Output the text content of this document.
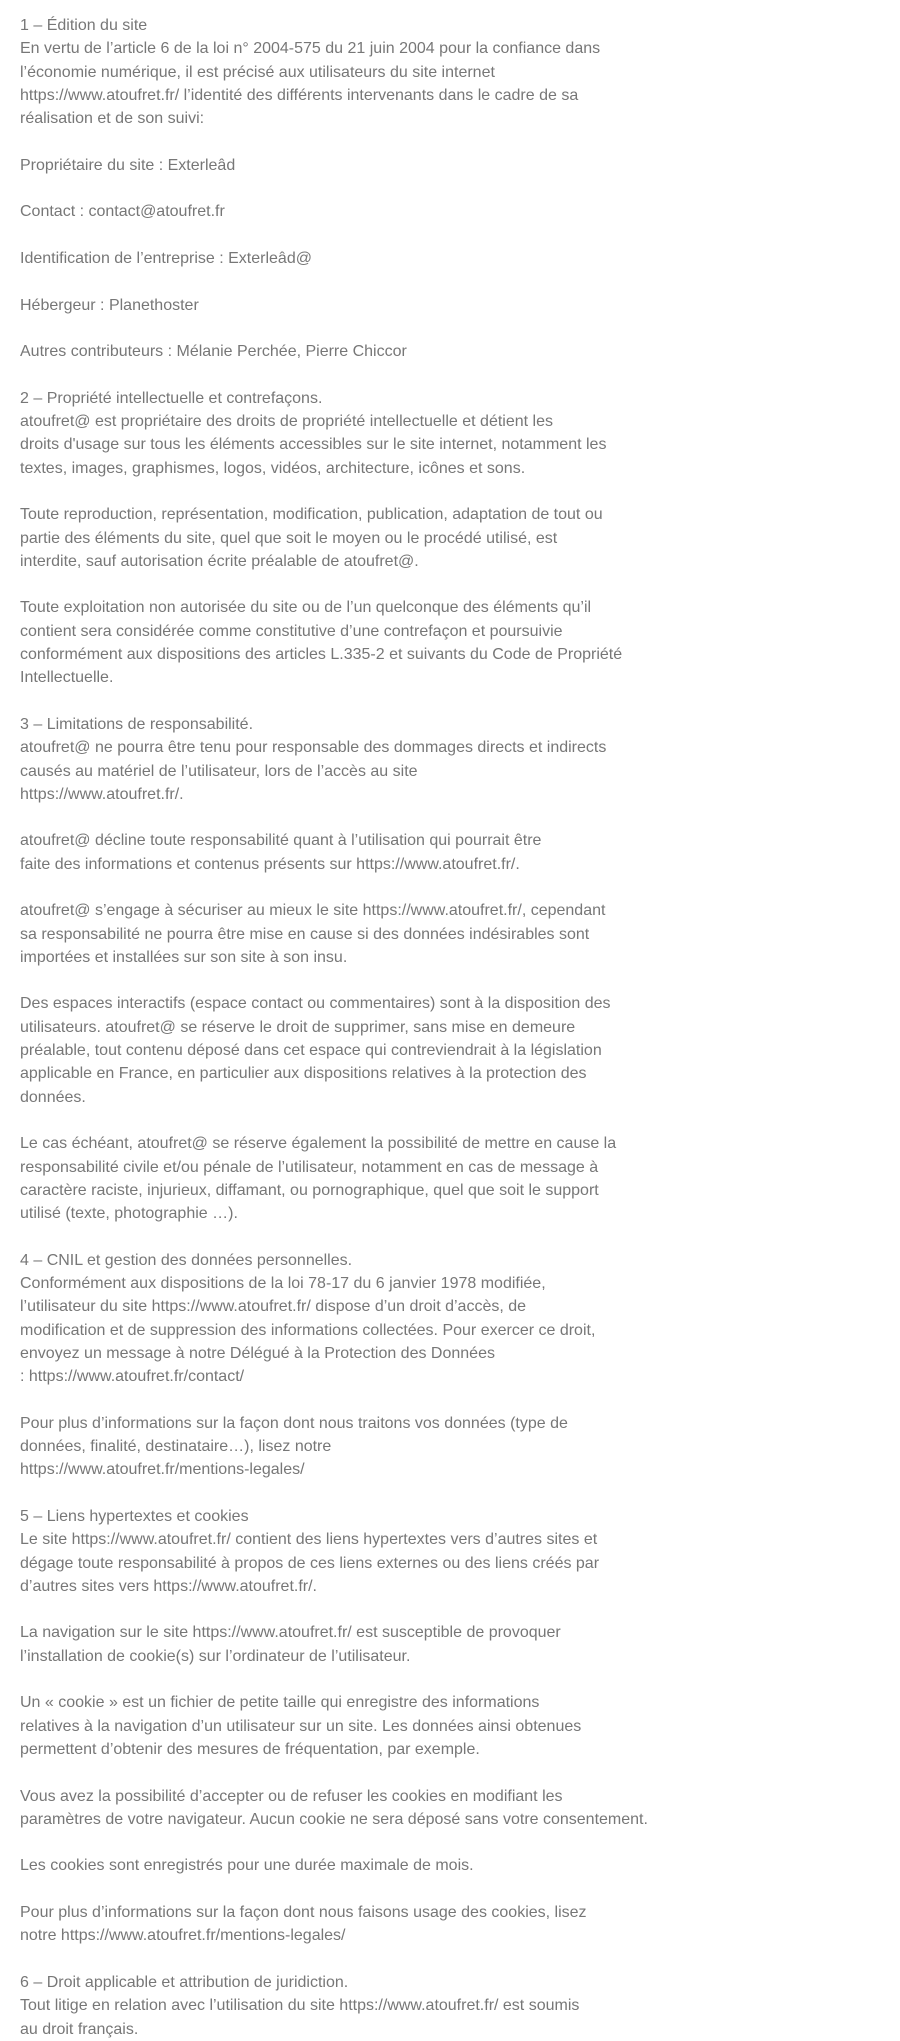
1 – Édition du site
En vertu de l’article 6 de la loi n° 2004-575 du 21 juin 2004 pour la confiance dans
l’économie numérique, il est précisé aux utilisateurs du site internet
https://www.atoufret.fr/ l’identité des différents intervenants dans le cadre de sa
réalisation et de son suivi:
Propriétaire du site : Exterleâd
Contact : contact@atoufret.fr
Identification de l’entreprise : Exterleâd@
Hébergeur : Planethoster
Autres contributeurs : Mélanie Perchée, Pierre Chiccor
2 – Propriété intellectuelle et contrefaçons.
atoufret@ est propriétaire des droits de propriété intellectuelle et détient les
droits d'usage sur tous les éléments accessibles sur le site internet, notamment les
textes, images, graphismes, logos, vidéos, architecture, icônes et sons.
Toute reproduction, représentation, modification, publication, adaptation de tout ou
partie des éléments du site, quel que soit le moyen ou le procédé utilisé, est
interdite, sauf autorisation écrite préalable de atoufret@.
Toute exploitation non autorisée du site ou de l’un quelconque des éléments qu’il
contient sera considérée comme constitutive d’une contrefaçon et poursuivie
conformément aux dispositions des articles L.335-2 et suivants du Code de Propriété
Intellectuelle.
3 – Limitations de responsabilité.
atoufret@ ne pourra être tenu pour responsable des dommages directs et indirects
causés au matériel de l’utilisateur, lors de l’accès au site
https://www.atoufret.fr/.
atoufret@ décline toute responsabilité quant à l’utilisation qui pourrait être
faite des informations et contenus présents sur https://www.atoufret.fr/.
atoufret@ s’engage à sécuriser au mieux le site https://www.atoufret.fr/, cependant
sa responsabilité ne pourra être mise en cause si des données indésirables sont
importées et installées sur son site à son insu.
Des espaces interactifs (espace contact ou commentaires) sont à la disposition des
utilisateurs. atoufret@ se réserve le droit de supprimer, sans mise en demeure
préalable, tout contenu déposé dans cet espace qui contreviendrait à la législation
applicable en France, en particulier aux dispositions relatives à la protection des
données.
Le cas échéant, atoufret@ se réserve également la possibilité de mettre en cause la
responsabilité civile et/ou pénale de l’utilisateur, notamment en cas de message à
caractère raciste, injurieux, diffamant, ou pornographique, quel que soit le support
utilisé (texte, photographie …).
4 – CNIL et gestion des données personnelles.
Conformément aux dispositions de la loi 78-17 du 6 janvier 1978 modifiée,
l’utilisateur du site https://www.atoufret.fr/ dispose d’un droit d’accès, de
modification et de suppression des informations collectées. Pour exercer ce droit,
envoyez un message à notre Délégué à la Protection des Données
: https://www.atoufret.fr/contact/
Pour plus d’informations sur la façon dont nous traitons vos données (type de
données, finalité, destinataire…), lisez notre
https://www.atoufret.fr/mentions-legales/
5 – Liens hypertextes et cookies
Le site https://www.atoufret.fr/ contient des liens hypertextes vers d’autres sites et
dégage toute responsabilité à propos de ces liens externes ou des liens créés par
d’autres sites vers https://www.atoufret.fr/.
La navigation sur le site https://www.atoufret.fr/ est susceptible de provoquer
l’installation de cookie(s) sur l’ordinateur de l’utilisateur.
Un « cookie » est un fichier de petite taille qui enregistre des informations
relatives à la navigation d’un utilisateur sur un site. Les données ainsi obtenues
permettent d’obtenir des mesures de fréquentation, par exemple.
Vous avez la possibilité d’accepter ou de refuser les cookies en modifiant les
paramètres de votre navigateur. Aucun cookie ne sera déposé sans votre consentement.
Les cookies sont enregistrés pour une durée maximale de mois.
Pour plus d’informations sur la façon dont nous faisons usage des cookies, lisez
notre https://www.atoufret.fr/mentions-legales/
6 – Droit applicable et attribution de juridiction.
Tout litige en relation avec l’utilisation du site https://www.atoufret.fr/ est soumis
au droit français.
